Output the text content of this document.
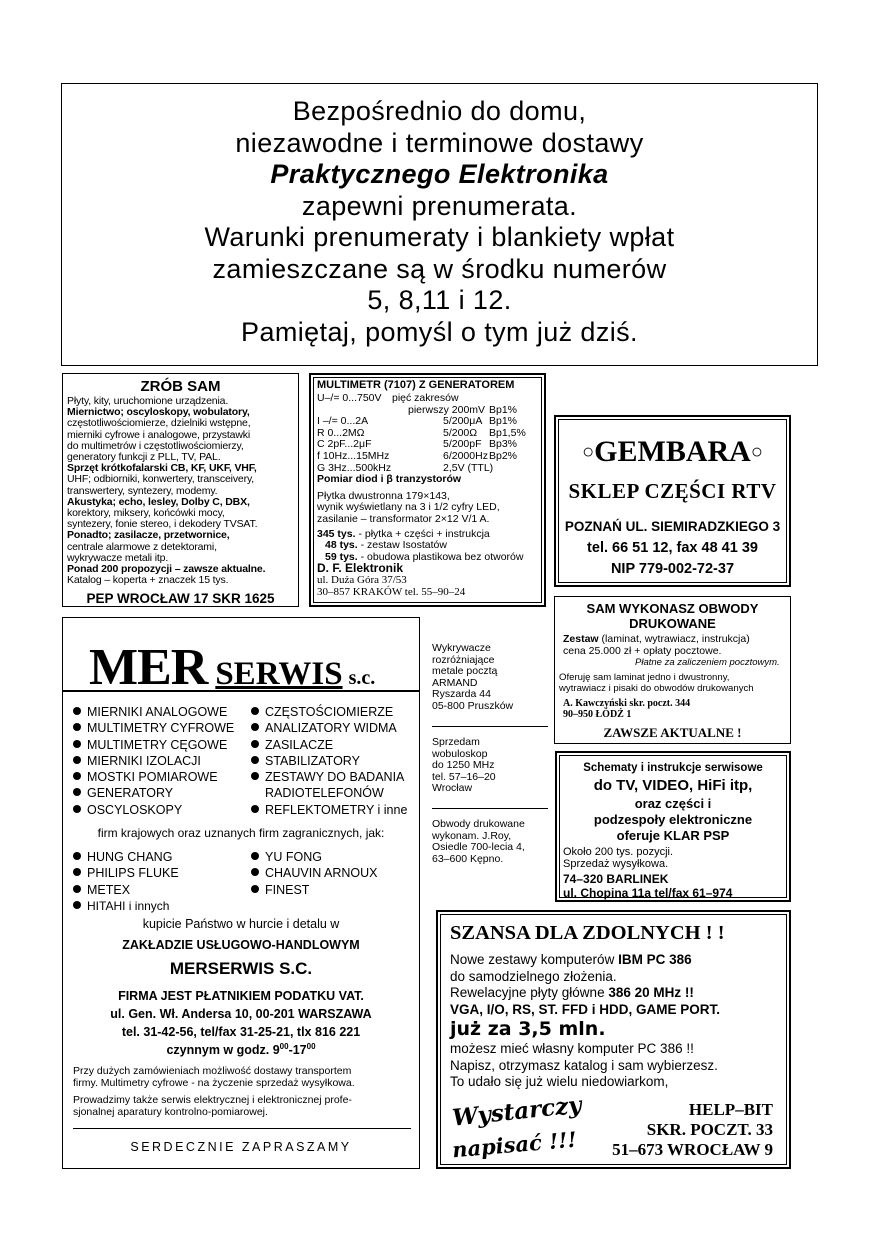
Bezpośrednio do domu,
niezawodne i terminowe dostawy
Praktycznego Elektronika
zapewni prenumerata.
Warunki prenumeraty i blankiety wpłat
zamieszczane są w środku numerów
5, 8,11 i 12.
Pamiętaj, pomyśl o tym już dziś.
ZRÓB SAM
Płyty, kity, uruchomione urządzenia.
Miernictwo; oscyloskopy, wobulatory,
częstotliwościomierze, dzielniki wstępne,
mierniki cyfrowe i analogowe, przystawki
do multimetrów i częstotliwościomierzy,
generatory funkcji z PLL, TV, PAL.
Sprzęt krótkofalarski CB, KF, UKF, VHF,
UHF; odbiorniki, konwertery, transceivery,
transwertery, syntezery, modemy.
Akustyka; echo, lesley, Dolby C, DBX,
korektory, miksery, końcówki mocy,
syntezery, fonie stereo, i dekodery TVSAT.
Ponadto; zasilacze, przetwornice,
centrale alarmowe z detektorami,
wykrywacze metali itp.
Ponad 200 propozycji – zawsze aktualne.
Katalog – koperta + znaczek 15 tys.
PEP WROCŁAW 17 SKR 1625
MULTIMETR (7107) Z GENERATOREM
U–/= 0...750V pięć zakresów
pierwszy 200mV Bp1%
I –/= 0...2A	5/200μA Bp1%
R 0...2MΩ	5/200Ω Bp1,5%
C 2pF...2μF	5/200pF Bp3%
f 10Hz...15MHz	6/2000Hz Bp2%
G 3Hz...500kHz	2,5V (TTL)
Pomiar diod i β tranzystorów
Płytka dwustronna 179×143,
wynik wyświetlany na 3 i 1/2 cyfry LED,
zasilanie – transformator 2×12 V/1 A.
345 tys. - płytka + części + instrukcja
48 tys. - zestaw Isostatów
59 tys. - obudowa plastikowa bez otworów
D. F. Elektronik
ul. Duża Góra 37/53
30–857 KRAKÓW tel. 55–90–24
○GEMBARA○
SKLEP CZĘŚCI RTV
POZNAŃ UL. SIEMIRADZKIEGO 3
tel. 66 51 12, fax 48 41 39
NIP 779-002-72-37
SAM WYKONASZ OBWODY
DRUKOWANE
Zestaw (laminat, wytrawiacz, instrukcja)
cena 25.000 zł + opłaty pocztowe.
Płatne za zaliczeniem pocztowym.
Oferuję sam laminat jedno i dwustronny,
wytrawiacz i pisaki do obwodów drukowanych
A. Kawczyński skr. poczt. 344
90–950 ŁÓDŹ 1
ZAWSZE AKTUALNE !
MER SERWIS s.c.
MIERNIKI ANALOGOWE
MULTIMETRY CYFROWE
MULTIMETRY CĘGOWE
MIERNIKI IZOLACJI
MOSTKI POMIAROWE
GENERATORY
OSCYLOSKOPY
CZĘSTOŚCIOMIERZE
ANALIZATORY WIDMA
ZASILACZE
STABILIZATORY
ZESTAWY DO BADANIA
RADIOTELEFONÓW
REFLEKTOMETRY i inne
firm krajowych oraz uznanych firm zagranicznych, jak:
HUNG CHANG
PHILIPS FLUKE
METEX
HITAHI i innych
YU FONG
CHAUVIN ARNOUX
FINEST
kupicie Państwo w hurcie i detalu w
ZAKŁADZIE USŁUGOWO-HANDLOWYM
MERSERWIS S.C.
FIRMA JEST PŁATNIKIEM PODATKU VAT.
ul. Gen. Wł. Andersa 10, 00-201 WARSZAWA
tel. 31-42-56, tel/fax 31-25-21, tlx 816 221
czynnym w godz. $9^{00}-17^{00}$
Przy dużych zamówieniach możliwość dostawy transportem
firmy. Multimetry cyfrowe - na życzenie sprzedaż wysyłkowa.
Prowadzimy także serwis elektrycznej i elektronicznej profe-
sjonalnej aparatury kontrolno-pomiarowej.
SERDECZNIE ZAPRASZAMY
Wykrywacze
rozróżniające
metale pocztą
ARMAND
Ryszarda 44
05-800 Pruszków
Sprzedam
wobuloskop
do 1250 MHz
tel. 57–16–20
Wrocław
Obwody drukowane
wykonam. J.Roy,
Osiedle 700-lecia 4,
63–600 Kępno.
Schematy i instrukcje serwisowe
do TV, VIDEO, HiFi itp,
oraz części i
podzespoły elektroniczne
oferuje KLAR PSP
Około 200 tys. pozycji.
Sprzedaż wysyłkowa.
74–320 BARLINEK
ul. Chopina 11a tel/fax 61–974
SZANSA DLA ZDOLNYCH ! !
Nowe zestawy komputerów IBM PC 386
do samodzielnego złożenia.
Rewelacyjne płyty główne 386 20 MHz !!
VGA, I/O, RS, ST. FFD i HDD, GAME PORT.
już za 3,5 mln.
możesz mieć własny komputer PC 386 !!
Napisz, otrzymasz katalog i sam wybierzesz.
To udało się już wielu niedowiarkom,
Wystarczy
napisać !!!
HELP–BIT
SKR. POCZT. 33
51–673 WROCŁAW 9
